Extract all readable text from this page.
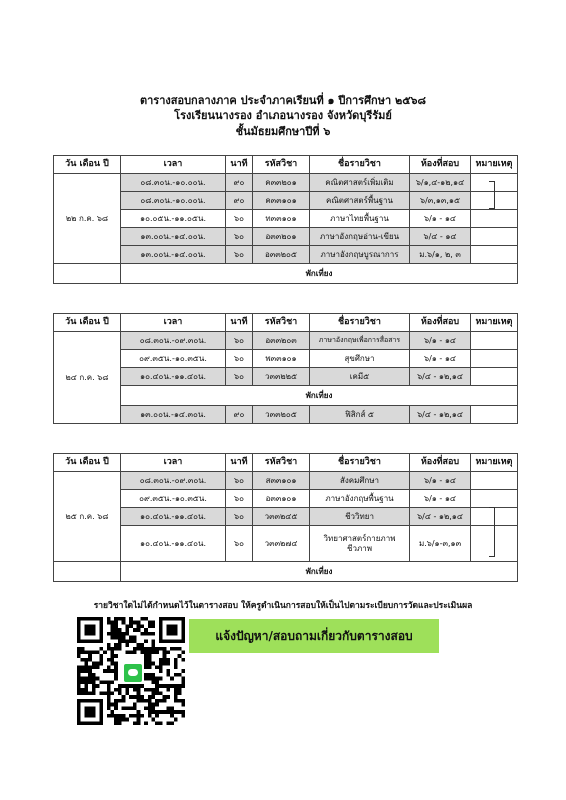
ตารางสอบกลางภาค ประจำภาคเรียนที่ ๑ ปีการศึกษา ๒๕๖๘
โรงเรียนนางรอง อำเภอนางรอง จังหวัดบุรีรัมย์
ชั้นมัธยมศึกษาปีที่ ๖
วัน เดือน ปี	เวลา	นาที	รหัสวิชา	ชื่อรายวิชา	ห้องที่สอบ	หมายเหตุ
๒๒ ก.ค. ๖๘	๐๘.๓๐น.-๑๐.๐๐น.	๙๐	ค๓๓๒๐๑	คณิตศาสตร์เพิ่มเติม	๖/๑,๔-๑๒,๑๔	
	๐๘.๓๐น.-๑๐.๐๐น.	๙๐	ค๓๓๑๐๑	คณิตศาสตร์พื้นฐาน	๖/๓,๑๓,๑๕	
	๑๐.๐๕น.-๑๑.๐๕น.	๖๐	ท๓๓๑๐๑	ภาษาไทยพื้นฐาน	๖/๑ - ๑๔	
	๑๓.๐๐น.-๑๔.๐๐น.	๖๐	อ๓๓๒๐๑	ภาษาอังกฤษอ่าน-เขียน	๖/๔ - ๑๔	
	๑๓.๐๐น.-๑๔.๐๐น.	๖๐	อ๓๓๒๐๕	ภาษาอังกฤษบูรณาการ	ม.๖/๑, ๒, ๓	
	พักเที่ยง					
วัน เดือน ปี	เวลา	นาที	รหัสวิชา	ชื่อรายวิชา	ห้องที่สอบ	หมายเหตุ
๒๔ ก.ค. ๖๘	๐๘.๓๐น.-๐๙.๓๐น.	๖๐	อ๓๓๒๐๓	ภาษาอังกฤษเพื่อการสื่อสาร	๖/๑ - ๑๔	
	๐๙.๓๕น.-๑๐.๓๕น.	๖๐	พ๓๓๑๐๑	สุขศึกษา	๖/๑ - ๑๔	
	๑๐.๔๐น.-๑๑.๔๐น.	๖๐	ว๓๓๒๒๕	เคมี๕	๖/๔ - ๑๒,๑๔	
	พักเที่ยง					
	๑๓.๐๐น.-๑๔.๓๐น.	๙๐	ว๓๓๒๐๕	ฟิสิกส์ ๕	๖/๔ - ๑๒,๑๔	
วัน เดือน ปี	เวลา	นาที	รหัสวิชา	ชื่อรายวิชา	ห้องที่สอบ	หมายเหตุ
๒๕ ก.ค. ๖๘	๐๘.๓๐น.-๐๙.๓๐น.	๖๐	ส๓๓๑๐๑	สังคมศึกษา	๖/๑ - ๑๔	
	๐๙.๓๕น.-๑๐.๓๕น.	๖๐	อ๓๓๑๐๑	ภาษาอังกฤษพื้นฐาน	๖/๑ - ๑๔	
	๑๐.๔๐น.-๑๑.๔๐น.	๖๐	ว๓๓๒๔๕	ชีววิทยา	๖/๔ - ๑๒,๑๔	
	๑๐.๔๐น.-๑๑.๔๐น.	๖๐	ว๓๓๒๗๔	วิทยาศาสตร์กายภาพ ชีวภาพ	ม.๖/๑-๓,๑๓	
	พักเที่ยง					
รายวิชาใดไม่ได้กำหนดไว้ในตารางสอบ ให้ครูดำเนินการสอบให้เป็นไปตามระเบียบการวัดและประเมินผล
แจ้งปัญหา/สอบถามเกี่ยวกับตารางสอบ
